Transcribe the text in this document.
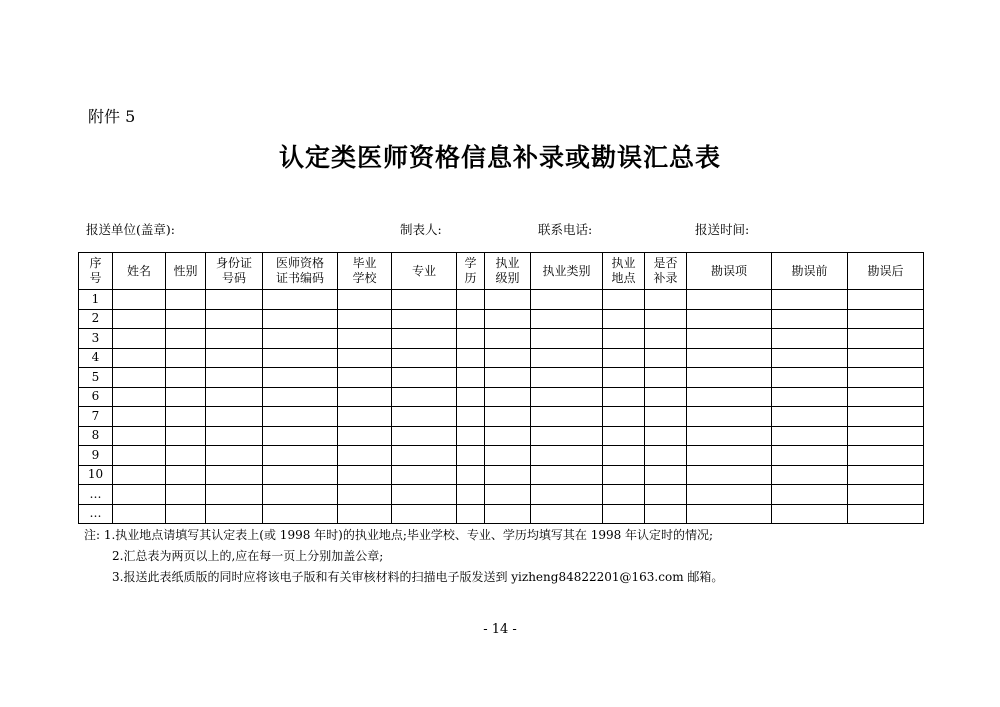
附件 5
认定类医师资格信息补录或勘误汇总表
报送单位(盖章):	制表人:	联系电话:	报送时间:
序号	姓名	性别	身份证号码	医师资格证书编码	毕业学校	专业	学历	执业级别	执业类别	执业地点	是否补录	勘误项	勘误前	勘误后
1														
2														
3														
4														
5														
6														
7														
8														
9														
10														
…														
…														
注: 1.执业地点请填写其认定表上(或 1998 年时)的执业地点;毕业学校、专业、学历均填写其在 1998 年认定时的情况;
2.汇总表为两页以上的,应在每一页上分别加盖公章;
3.报送此表纸质版的同时应将该电子版和有关审核材料的扫描电子版发送到 yizheng84822201@163.com 邮箱。
- 14 -
